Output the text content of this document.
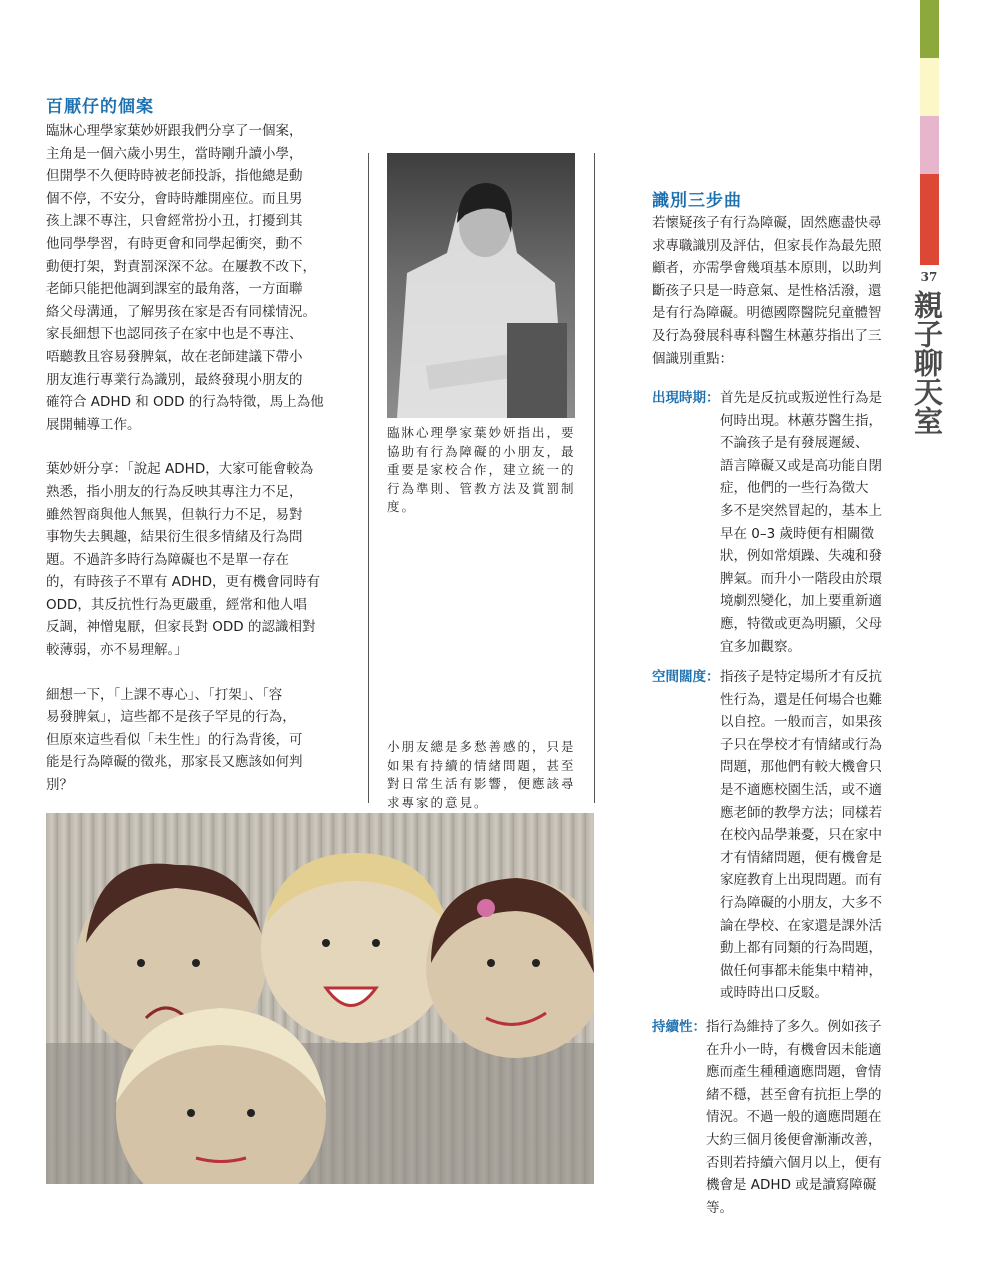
37
親子聊天室
百厭仔的個案

臨牀心理學家葉妙妍跟我們分享了一個案，
主角是一個六歲小男生，當時剛升讀小學，
但開學不久便時時被老師投訴，指他總是動
個不停，不安分，會時時離開座位。而且男
孩上課不專注，只會經常扮小丑，打擾到其
他同學學習，有時更會和同學起衝突，動不
動便打架，對責罰深深不忿。在屢教不改下，
老師只能把他調到課室的最角落，一方面聯
絡父母溝通，了解男孩在家是否有同樣情況。
家長細想下也認同孩子在家中也是不專注、
唔聽教且容易發脾氣，故在老師建議下帶小
朋友進行專業行為識別，最終發現小朋友的
確符合 ADHD 和 ODD 的行為特徵，馬上為他
展開輔導工作。

葉妙妍分享：「說起 ADHD，大家可能會較為
熟悉，指小朋友的行為反映其專注力不足，
雖然智商與他人無異，但執行力不足，易對
事物失去興趣，結果衍生很多情緒及行為問
題。不過許多時行為障礙也不是單一存在
的，有時孩子不單有 ADHD，更有機會同時有
ODD，其反抗性行為更嚴重，經常和他人唱
反調，神憎鬼厭，但家長對 ODD 的認識相對
較薄弱，亦不易理解。」

細想一下，「上課不專心」、「打架」、「容
易發脾氣」，這些都不是孩子罕見的行為，
但原來這些看似「未生性」的行為背後，可
能是行為障礙的徵兆，那家長又應該如何判
別？

臨牀心理學家葉妙妍指出，要
協助有行為障礙的小朋友，最
重要是家校合作，建立統一的
行為準則、管教方法及賞罰制
度。

小朋友總是多愁善感的，只是
如果有持續的情緒問題，甚至
對日常生活有影響，便應該尋
求專家的意見。

識別三步曲

若懷疑孩子有行為障礙，固然應盡快尋
求專職識別及評估，但家長作為最先照
顧者，亦需學會幾項基本原則，以助判
斷孩子只是一時意氣、是性格活潑，還
是有行為障礙。明德國際醫院兒童體智
及行為發展科專科醫生林蕙芬指出了三
個識別重點：

出現時期： 首先是反抗或叛逆性行為是
何時出現。林蕙芬醫生指，
不論孩子是有發展遲緩、
語言障礙又或是高功能自閉
症，他們的一些行為徵大
多不是突然冒起的，基本上
早在 0–3 歲時便有相關徵
狀，例如常煩躁、失魂和發
脾氣。而升小一階段由於環
境劇烈變化，加上要重新適
應，特徵或更為明顯，父母
宜多加觀察。

空間闊度： 指孩子是特定場所才有反抗
性行為，還是任何場合也難
以自控。一般而言，如果孩
子只在學校才有情緒或行為
問題，那他們有較大機會只
是不適應校園生活，或不適
應老師的教學方法；同樣若
在校內品學兼憂，只在家中
才有情緒問題，便有機會是
家庭教育上出現問題。而有
行為障礙的小朋友，大多不
論在學校、在家還是課外活
動上都有同類的行為問題，
做任何事都未能集中精神，
或時時出口反駁。

持續性： 指行為維持了多久。例如孩子
在升小一時，有機會因未能適
應而產生種種適應問題，會情
緒不穩，甚至會有抗拒上學的
情況。不過一般的適應問題在
大約三個月後便會漸漸改善，
否則若持續六個月以上，便有
機會是 ADHD 或是讀寫障礙等。
